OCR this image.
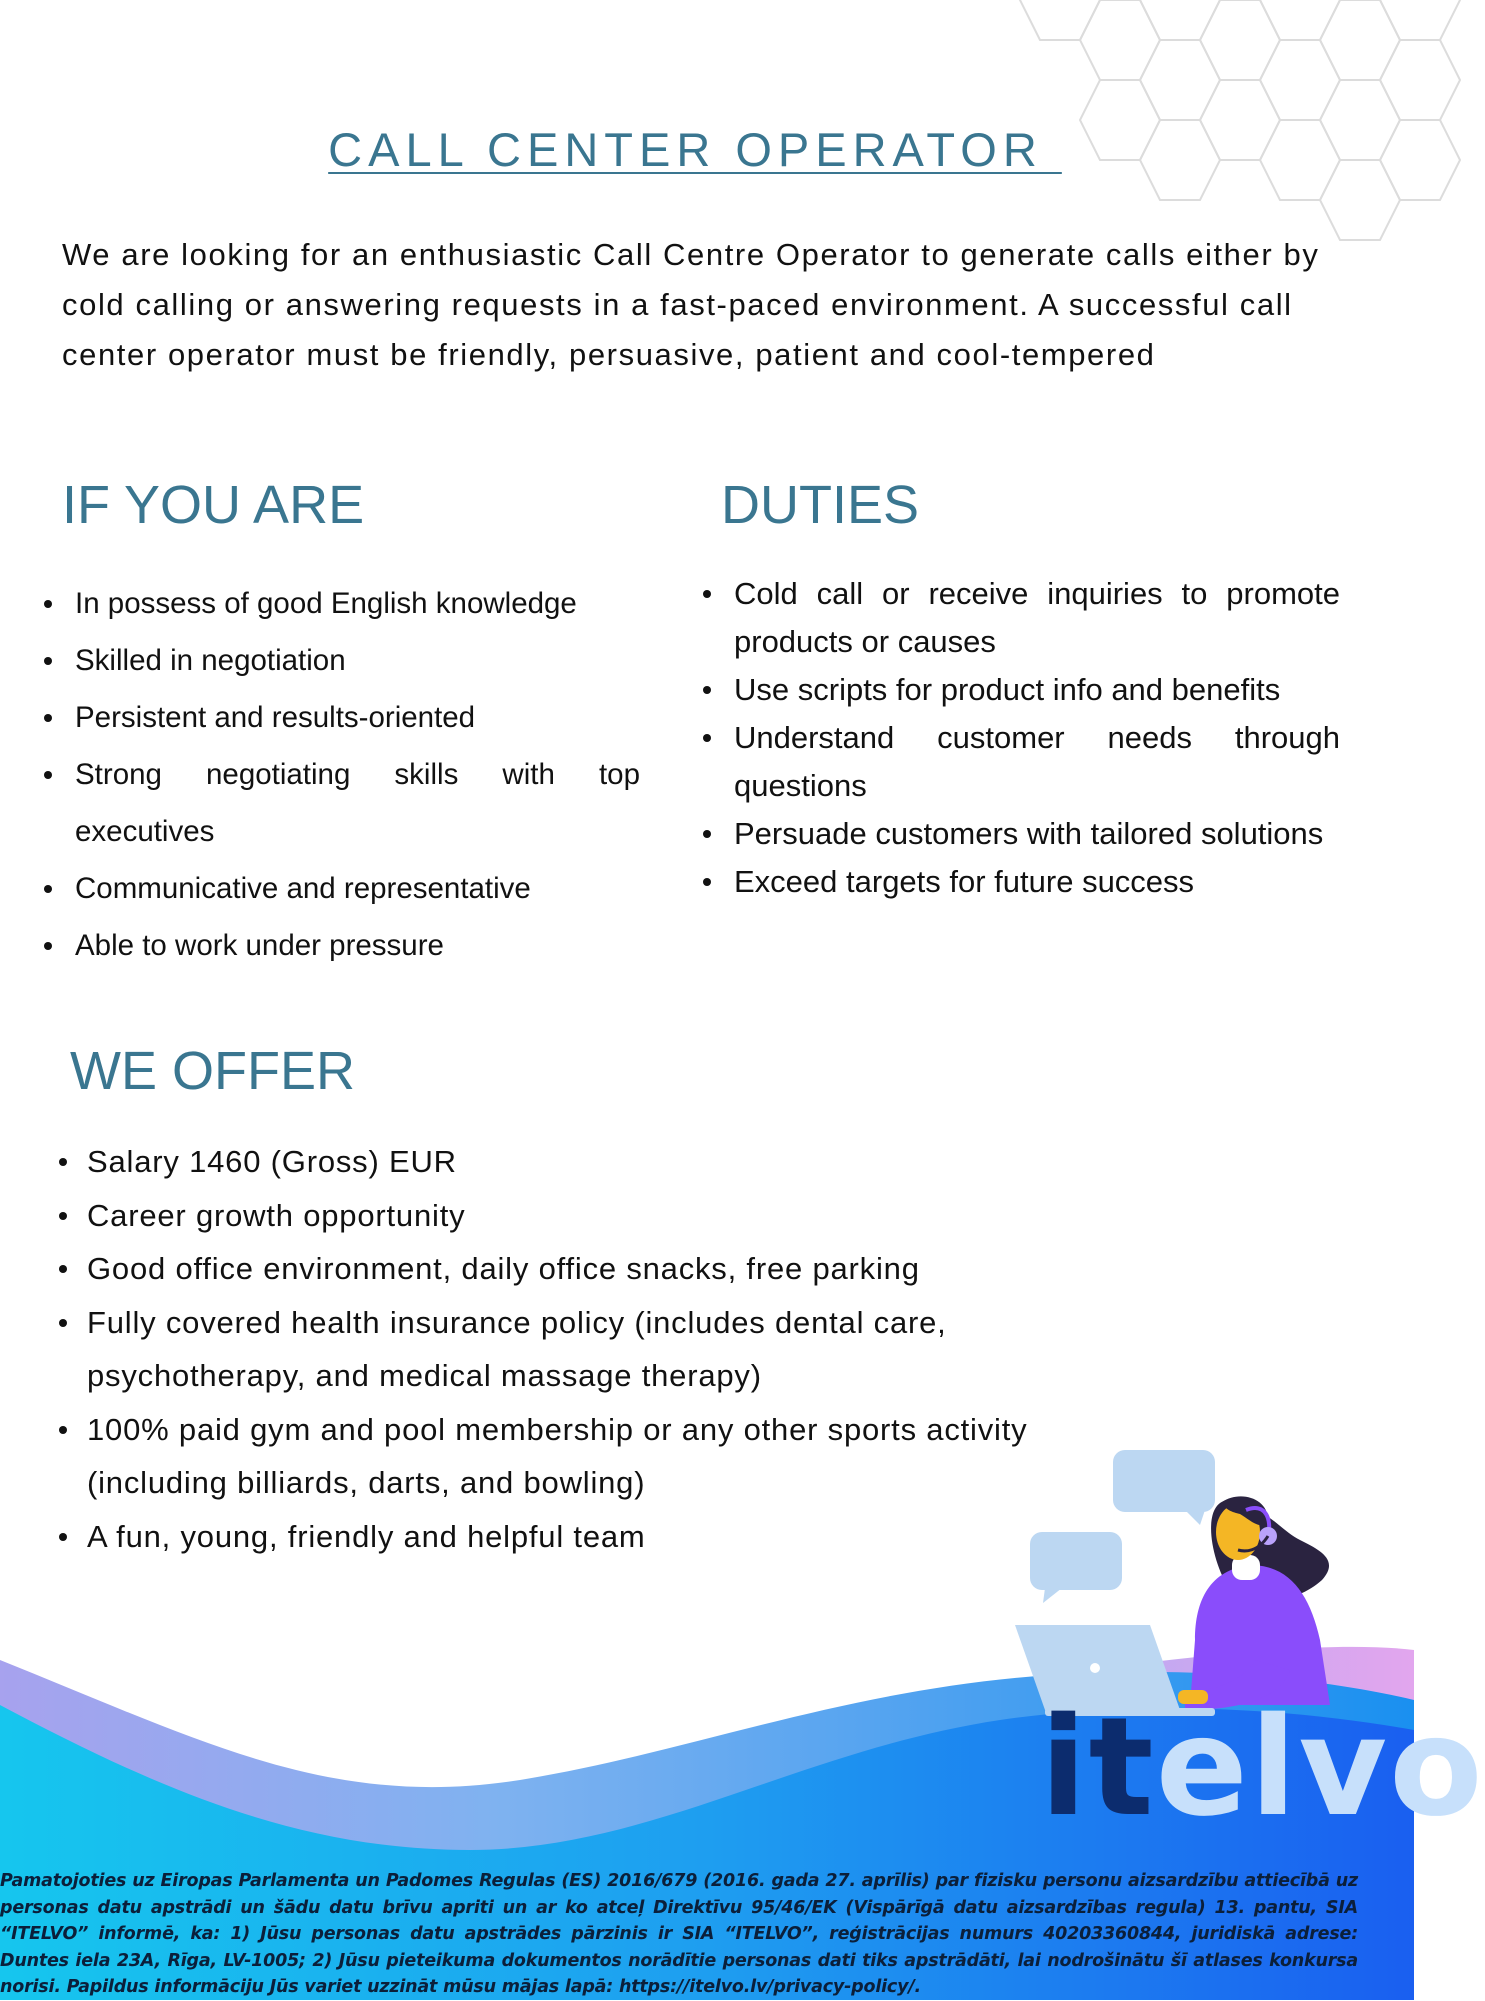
CALL CENTER OPERATOR

We are looking for an enthusiastic Call Centre Operator to generate calls either by cold calling or answering requests in a fast-paced environment. A successful call center operator must be friendly, persuasive, patient and cool-tempered

IF YOU ARE
In possess of good English knowledge
Skilled in negotiation
Persistent and results-oriented
Strong negotiating skills with top executives
Communicative and representative
Able to work under pressure
DUTIES
Cold call or receive inquiries to promote products or causes
Use scripts for product info and benefits
Understand customer needs through questions
Persuade customers with tailored solutions
Exceed targets for future success
WE OFFER
Salary 1460 (Gross) EUR
Career growth opportunity
Good office environment, daily office snacks, free parking
Fully covered health insurance policy (includes dental care, psychotherapy, and medical massage therapy)
100% paid gym and pool membership or any other sports activity (including billiards, darts, and bowling)
A fun, young, friendly and helpful team
itelvo

Pamatojoties uz Eiropas Parlamenta un Padomes Regulas (ES) 2016/679 (2016. gada 27. aprīlis) par fizisku personu aizsardzību attiecībā uz personas datu apstrādi un šādu datu brīvu apriti un ar ko atceļ Direktīvu 95/46/EK (Vispārīgā datu aizsardzības regula) 13. pantu, SIA “ITELVO” informē, ka: 1) Jūsu personas datu apstrādes pārzinis ir SIA “ITELVO”, reģistrācijas numurs 40203360844, juridiskā adrese: Duntes iela 23A, Rīga, LV-1005; 2) Jūsu pieteikuma dokumentos norādītie personas dati tiks apstrādāti, lai nodrošinātu šī atlases konkursa norisi. Papildus informāciju Jūs variet uzzināt mūsu mājas lapā: https://itelvo.lv/privacy-policy/.
